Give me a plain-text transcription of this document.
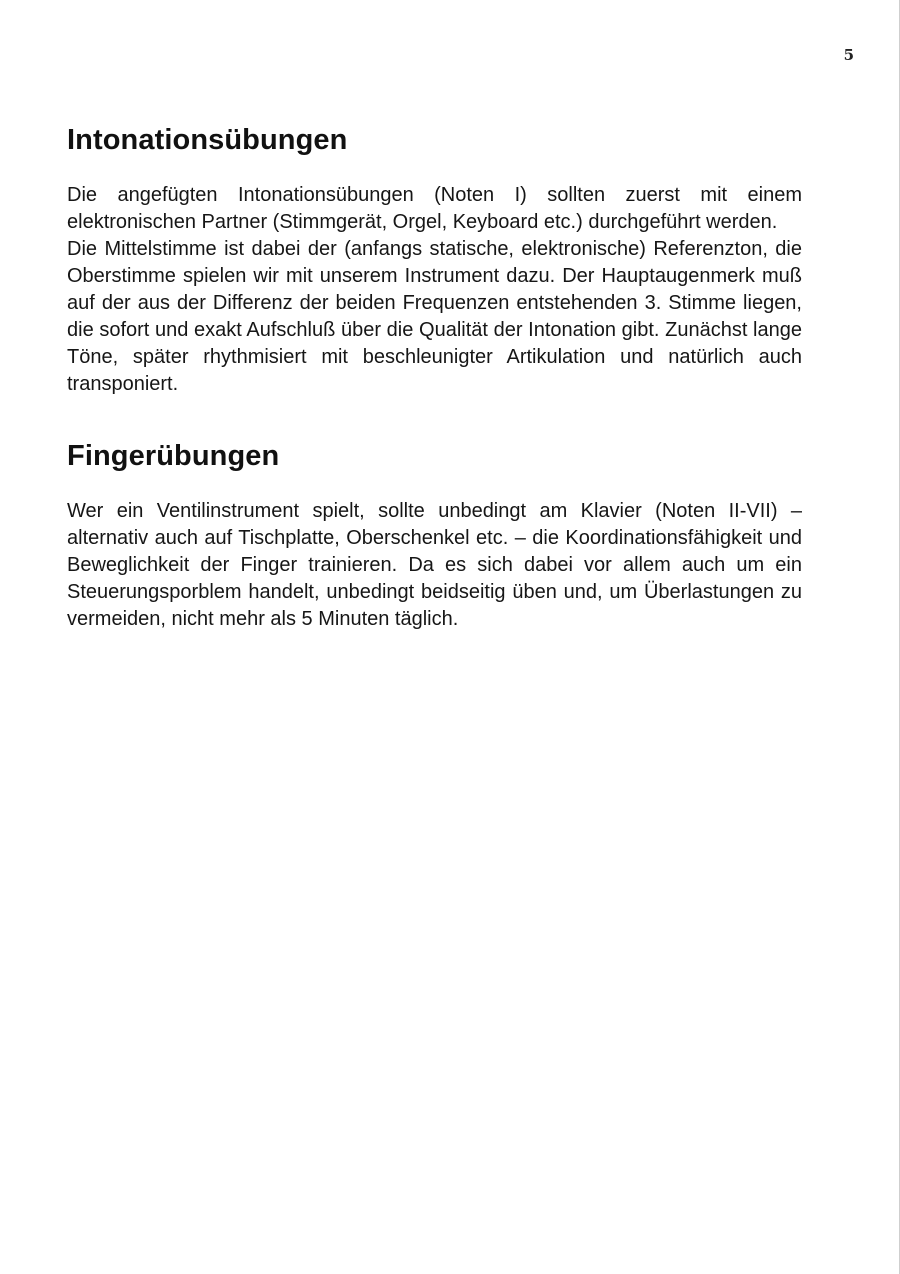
5
Intonationsübungen

Die angefügten Intonationsübungen (Noten I) sollten zuerst mit einem elektronischen Partner (Stimmgerät, Orgel, Keyboard etc.) durchgeführt werden.

Die Mittelstimme ist dabei der (anfangs statische, elektronische) Referenzton, die Oberstimme spielen wir mit unserem Instrument dazu. Der Hauptaugenmerk muß auf der aus der Differenz der beiden Frequenzen entstehenden 3. Stimme liegen, die sofort und exakt Aufschluß über die Qualität der Intonation gibt. Zunächst lange Töne, später rhythmisiert mit beschleunigter Artikulation und natürlich auch transponiert.

Fingerübungen

Wer ein Ventilinstrument spielt, sollte unbedingt am Klavier (Noten II-VII) – alternativ auch auf Tischplatte, Oberschenkel etc. – die Koordinationsfähigkeit und Beweglichkeit der Finger trainieren. Da es sich dabei vor allem auch um ein Steuerungsporblem handelt, unbedingt beidseitig üben und, um Überlastungen zu vermeiden, nicht mehr als 5 Minuten täglich.
